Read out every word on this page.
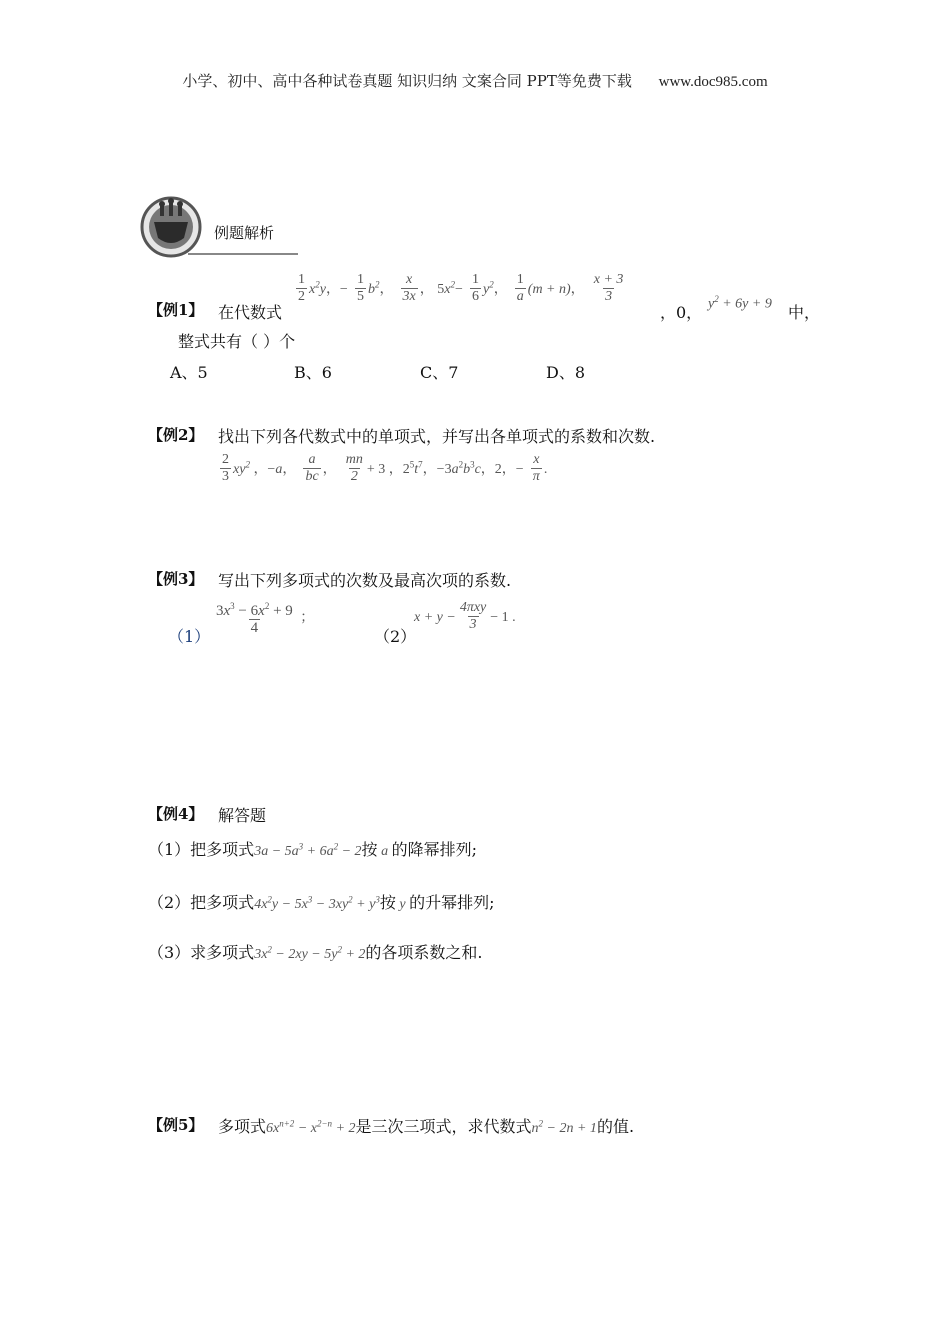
小学、初中、高中各种试卷真题 知识归纳 文案合同 PPT等免费下载 www.doc985.com
例题解析
【例1】 在代数式
$\frac{1}{2} x^2y$，− $\frac{1}{5} b^2$， $\frac{x}{3x}$ ， $5x^2- \frac{1}{6} y^2$， $\frac{1}{a} (m + n)$， $\frac{x + 3}{3}$
，0， $y^2 + 6y + 9$ 中，
整式共有（ ）个
A、5	B、6	C、7	D、8
【例2】 找出下列各代数式中的单项式，并写出各单项式的系数和次数.
$\frac{2}{3} xy^2$ ，−a， $\frac{a}{bc}$ ， $\frac{mn}{2} + 3$ ，$2^5t^7$，$-3a^2b^3c$，2，− $\frac{x}{\pi}$ .
【例3】 写出下列多项式的次数及最高次项的系数.
（1）
$\frac{3x^3 - 6x^2 + 9}{4}$ ；
（2）
$x + y - \frac{\text{4πxy}}{3} - 1$ .
【例4】 解答题
（1）把多项式$3a - 5a^3 + 6a^2 - 2$按 a 的降幂排列;
（2）把多项式$4x^2y - 5x^3 - 3xy^2 + y^3$按 y 的升幂排列;
（3）求多项式$3x^2 - 2xy - 5y^2 + 2$的各项系数之和.
【例5】 多项式$6x^{n+2} - x^{2-n} + 2$是三次三项式，求代数式$n^2 - 2n + 1$的值.
